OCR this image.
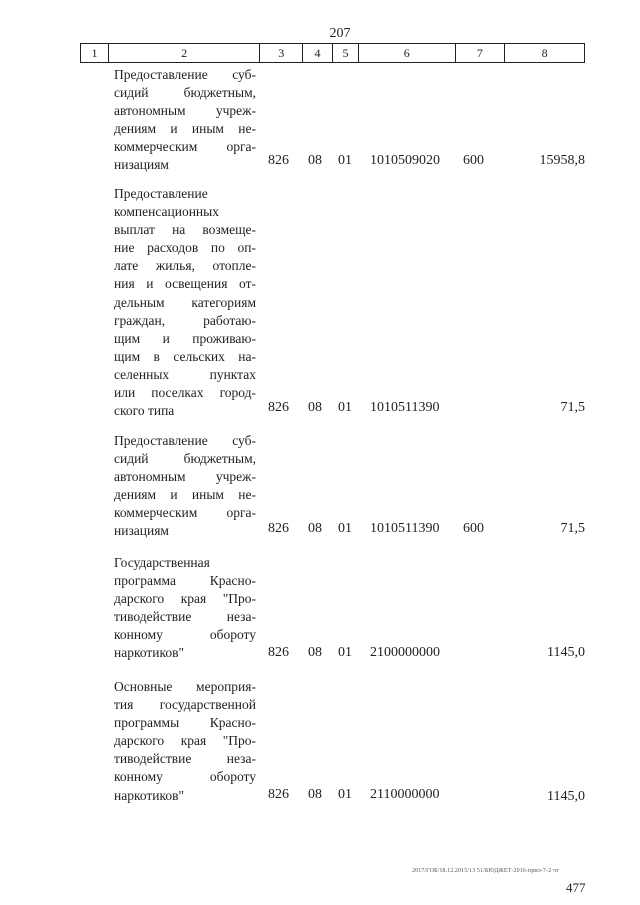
207
1	2	3	4	5	6	7	8
Предоставление суб-
сидий бюджетным,
автономным учреж-
дениям и иным не-
коммерческим орга-
низациям	826 08 01 1010509020 600	15958,8
Предоставление
компенсационных
выплат на возмеще-
ние расходов по оп-
лате жилья, отопле-
ния и освещения от-
дельным категориям
граждан, работаю-
щим и проживаю-
щим в сельских на-
селенных пунктах
или поселках город-
ского типа	826 08 01 1010511390	71,5
Предоставление суб-
сидий бюджетным,
автономным учреж-
дениям и иным не-
коммерческим орга-
низациям	826 08 01 1010511390 600	71,5
Государственная
программа Красно-
дарского края "Про-
тиводействие неза-
конному обороту
наркотиков"	826 08 01 2100000000	1145,0
Основные мероприя-
тия государственной
программы Красно-
дарского края "Про-
тиводействие неза-
конному обороту
наркотиков"	826 08 01 2110000000	1145,0
2017/ГОБ/18.12.2015/13 51/БЮДЖЕТ-2016-прил-7-2 чт
477
